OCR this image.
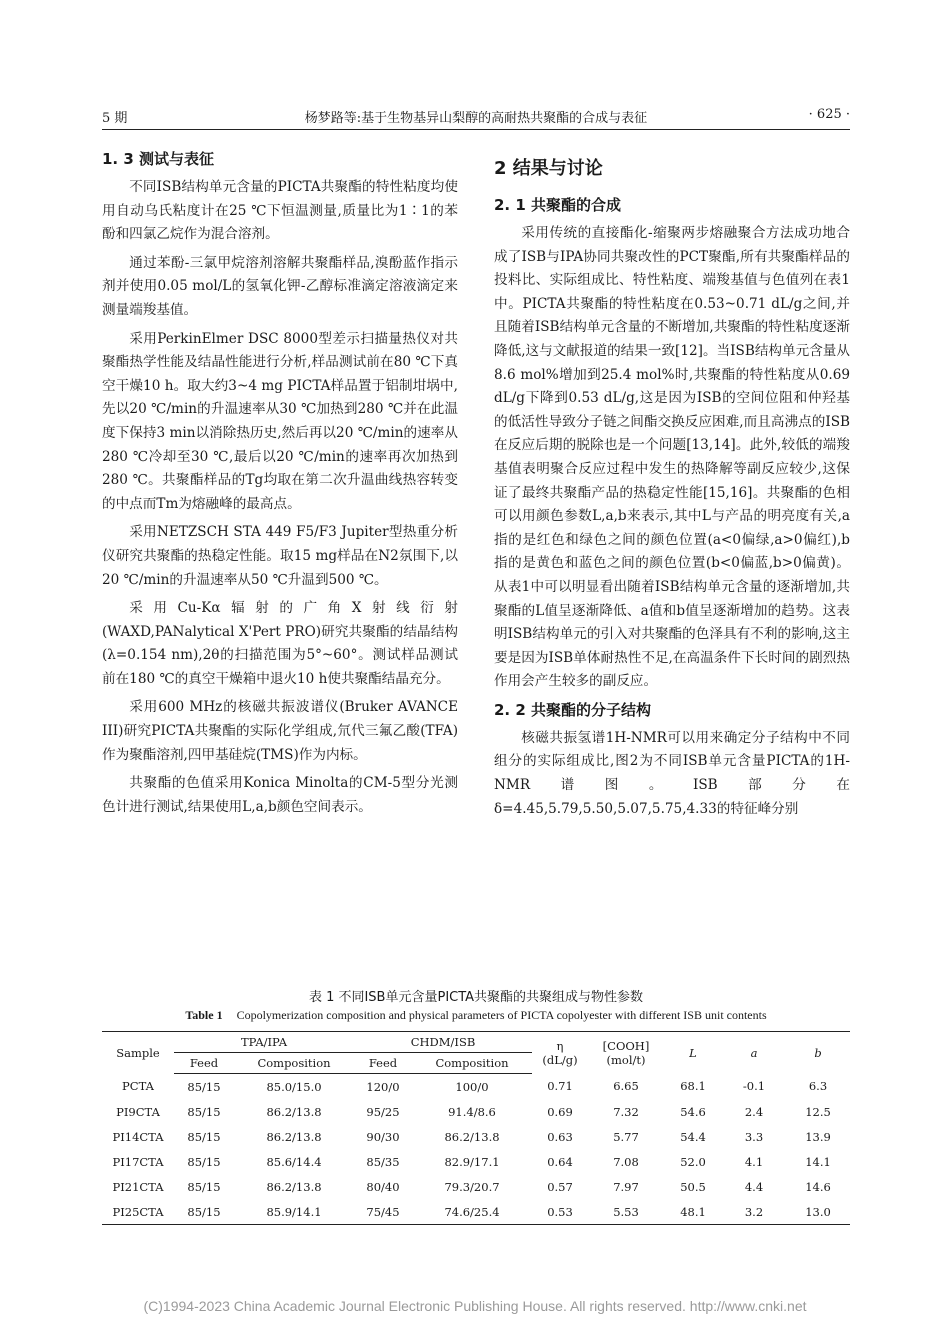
5 期	杨梦路等:基于生物基异山梨醇的高耐热共聚酯的合成与表征	· 625 ·
1. 3 测试与表征

不同ISB结构单元含量的PICTA共聚酯的特性粘度均使用自动乌氏粘度计在25 ℃下恒温测量,质量比为1∶1的苯酚和四氯乙烷作为混合溶剂。

通过苯酚-三氯甲烷溶剂溶解共聚酯样品,溴酚蓝作指示剂并使用0.05 mol/L的氢氧化钾-乙醇标准滴定溶液滴定来测量端羧基值。

采用PerkinElmer DSC 8000型差示扫描量热仪对共聚酯热学性能及结晶性能进行分析,样品测试前在80 ℃下真空干燥10 h。取大约3~4 mg PICTA样品置于铝制坩埚中,先以20 ℃/min的升温速率从30 ℃加热到280 ℃并在此温度下保持3 min以消除热历史,然后再以20 ℃/min的速率从280 ℃冷却至30 ℃,最后以20 ℃/min的速率再次加热到280 ℃。共聚酯样品的Tg均取在第二次升温曲线热容转变的中点而Tm为熔融峰的最高点。

采用NETZSCH STA 449 F5/F3 Jupiter型热重分析仪研究共聚酯的热稳定性能。取15 mg样品在N2氛围下,以20 ℃/min的升温速率从50 ℃升温到500 ℃。

采用Cu-Kα辐射的广角X射线衍射(WAXD,PANalytical X'Pert PRO)研究共聚酯的结晶结构(λ=0.154 nm),2θ的扫描范围为5°~60°。测试样品测试前在180 ℃的真空干燥箱中退火10 h使共聚酯结晶充分。

采用600 MHz的核磁共振波谱仪(Bruker AVANCE III)研究PICTA共聚酯的实际化学组成,氘代三氟乙酸(TFA)作为聚酯溶剂,四甲基硅烷(TMS)作为内标。

共聚酯的色值采用Konica Minolta的CM-5型分光测色计进行测试,结果使用L,a,b颜色空间表示。

2 结果与讨论
2. 1 共聚酯的合成

采用传统的直接酯化-缩聚两步熔融聚合方法成功地合成了ISB与IPA协同共聚改性的PCT聚酯,所有共聚酯样品的投料比、实际组成比、特性粘度、端羧基值与色值列在表1中。PICTA共聚酯的特性粘度在0.53~0.71 dL/g之间,并且随着ISB结构单元含量的不断增加,共聚酯的特性粘度逐渐降低,这与文献报道的结果一致[12]。当ISB结构单元含量从8.6 mol%增加到25.4 mol%时,共聚酯的特性粘度从0.69 dL/g下降到0.53 dL/g,这是因为ISB的空间位阻和仲羟基的低活性导致分子链之间酯交换反应困难,而且高沸点的ISB在反应后期的脱除也是一个问题[13,14]。此外,较低的端羧基值表明聚合反应过程中发生的热降解等副反应较少,这保证了最终共聚酯产品的热稳定性能[15,16]。共聚酯的色相可以用颜色参数L,a,b来表示,其中L与产品的明亮度有关,a指的是红色和绿色之间的颜色位置(a<0偏绿,a>0偏红),b指的是黄色和蓝色之间的颜色位置(b<0偏蓝,b>0偏黄)。从表1中可以明显看出随着ISB结构单元含量的逐渐增加,共聚酯的L值呈逐渐降低、a值和b值呈逐渐增加的趋势。这表明ISB结构单元的引入对共聚酯的色泽具有不利的影响,这主要是因为ISB单体耐热性不足,在高温条件下长时间的剧烈热作用会产生较多的副反应。

2. 2 共聚酯的分子结构

核磁共振氢谱1H-NMR可以用来确定分子结构中不同组分的实际组成比,图2为不同ISB单元含量PICTA的1H-NMR谱图。ISB部分在δ=4.45,5.79,5.50,5.07,5.75,4.33的特征峰分别

表 1 不同ISB单元含量PICTA共聚酯的共聚组成与物性参数
Table 1 Copolymerization composition and physical parameters of PICTA copolyester with different ISB unit contents
Sample	TPA/IPA		CHDM/ISB		η
(dL/g)	[COOH]
(mol/t)	L	a	b
	Feed	Composition	Feed	Composition					
PCTA	85/15	85.0/15.0	120/0	100/0	0.71	6.65	68.1	-0.1	6.3
PI9CTA	85/15	86.2/13.8	95/25	91.4/8.6	0.69	7.32	54.6	2.4	12.5
PI14CTA	85/15	86.2/13.8	90/30	86.2/13.8	0.63	5.77	54.4	3.3	13.9
PI17CTA	85/15	85.6/14.4	85/35	82.9/17.1	0.64	7.08	52.0	4.1	14.1
PI21CTA	85/15	86.2/13.8	80/40	79.3/20.7	0.57	7.97	50.5	4.4	14.6
PI25CTA	85/15	85.9/14.1	75/45	74.6/25.4	0.53	5.53	48.1	3.2	13.0
(C)1994-2023 China Academic Journal Electronic Publishing House. All rights reserved. http://www.cnki.net
